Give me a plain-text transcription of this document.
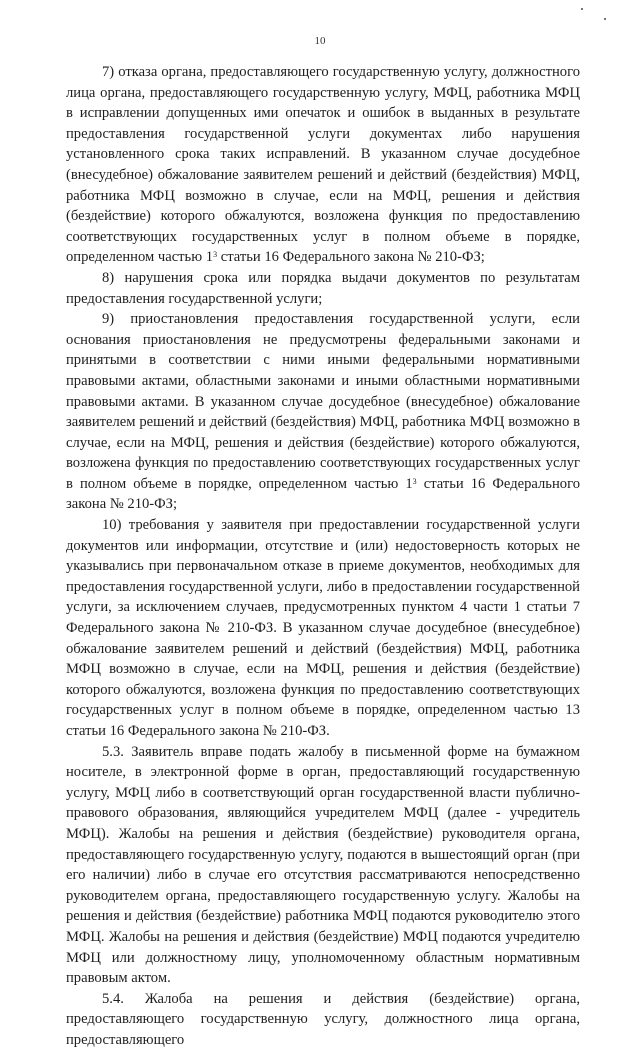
10

7) отказа органа, предоставляющего государственную услугу, должностного лица органа, предоставляющего государственную услугу, МФЦ, работника МФЦ в исправлении допущенных ими опечаток и ошибок в выданных в результате предоставления государственной услуги документах либо нарушения установленного срока таких исправлений. В указанном случае досудебное (внесудебное) обжалование заявителем решений и действий (бездействия) МФЦ, работника МФЦ возможно в случае, если на МФЦ, решения и действия (бездействие) которого обжалуются, возложена функция по предоставлению соответствующих государственных услуг в полном объеме в порядке, определенном частью $1^3$ статьи 16 Федерального закона № 210-ФЗ;

8) нарушения срока или порядка выдачи документов по результатам предоставления государственной услуги;

9) приостановления предоставления государственной услуги, если основания приостановления не предусмотрены федеральными законами и принятыми в соответствии с ними иными федеральными нормативными правовыми актами, областными законами и иными областными нормативными правовыми актами. В указанном случае досудебное (внесудебное) обжалование заявителем решений и действий (бездействия) МФЦ, работника МФЦ возможно в случае, если на МФЦ, решения и действия (бездействие) которого обжалуются, возложена функция по предоставлению соответствующих государственных услуг в полном объеме в порядке, определенном частью $1^3$ статьи 16 Федерального закона № 210-ФЗ;

10) требования у заявителя при предоставлении государственной услуги документов или информации, отсутствие и (или) недостоверность которых не указывались при первоначальном отказе в приеме документов, необходимых для предоставления государственной услуги, либо в предоставлении государственной услуги, за исключением случаев, предусмотренных пунктом 4 части 1 статьи 7 Федерального закона № 210-ФЗ. В указанном случае досудебное (внесудебное) обжалование заявителем решений и действий (бездействия) МФЦ, работника МФЦ возможно в случае, если на МФЦ, решения и действия (бездействие) которого обжалуются, возложена функция по предоставлению соответствующих государственных услуг в полном объеме в порядке, определенном частью 13 статьи 16 Федерального закона № 210-ФЗ.

5.3. Заявитель вправе подать жалобу в письменной форме на бумажном носителе, в электронной форме в орган, предоставляющий государственную услугу, МФЦ либо в соответствующий орган государственной власти публично-правового образования, являющийся учредителем МФЦ (далее - учредитель МФЦ). Жалобы на решения и действия (бездействие) руководителя органа, предоставляющего государственную услугу, подаются в вышестоящий орган (при его наличии) либо в случае его отсутствия рассматриваются непосредственно руководителем органа, предоставляющего государственную услугу. Жалобы на решения и действия (бездействие) работника МФЦ подаются руководителю этого МФЦ. Жалобы на решения и действия (бездействие) МФЦ подаются учредителю МФЦ или должностному лицу, уполномоченному областным нормативным правовым актом.

5.4. Жалоба на решения и действия (бездействие) органа, предоставляющего государственную услугу, должностного лица органа, предоставляющего
